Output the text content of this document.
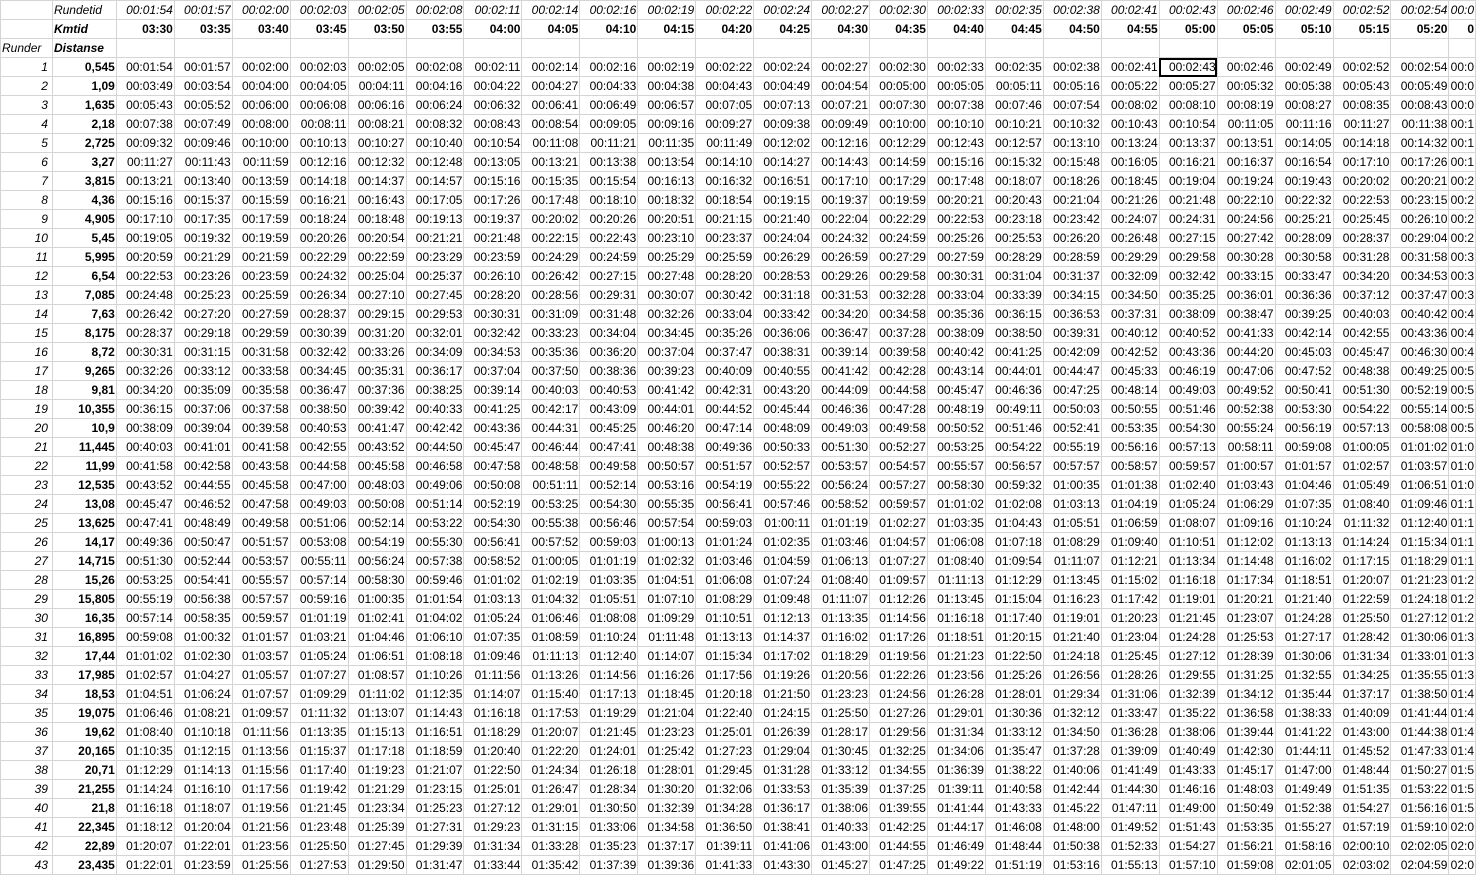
	Rundetid	00:01:54	00:01:57	00:02:00	00:02:03	00:02:05	00:02:08	00:02:11	00:02:14	00:02:16	00:02:19	00:02:22	00:02:24	00:02:27	00:02:30	00:02:33	00:02:35	00:02:38	00:02:41	00:02:43	00:02:46	00:02:49	00:02:52	00:02:54	00:0
	Kmtid	03:30	03:35	03:40	03:45	03:50	03:55	04:00	04:05	04:10	04:15	04:20	04:25	04:30	04:35	04:40	04:45	04:50	04:55	05:00	05:05	05:10	05:15	05:20	0
Runder	Distanse																								
1	0,545	00:01:54	00:01:57	00:02:00	00:02:03	00:02:05	00:02:08	00:02:11	00:02:14	00:02:16	00:02:19	00:02:22	00:02:24	00:02:27	00:02:30	00:02:33	00:02:35	00:02:38	00:02:41	00:02:43	00:02:46	00:02:49	00:02:52	00:02:54	00:0
2	1,09	00:03:49	00:03:54	00:04:00	00:04:05	00:04:11	00:04:16	00:04:22	00:04:27	00:04:33	00:04:38	00:04:43	00:04:49	00:04:54	00:05:00	00:05:05	00:05:11	00:05:16	00:05:22	00:05:27	00:05:32	00:05:38	00:05:43	00:05:49	00:0
3	1,635	00:05:43	00:05:52	00:06:00	00:06:08	00:06:16	00:06:24	00:06:32	00:06:41	00:06:49	00:06:57	00:07:05	00:07:13	00:07:21	00:07:30	00:07:38	00:07:46	00:07:54	00:08:02	00:08:10	00:08:19	00:08:27	00:08:35	00:08:43	00:0
4	2,18	00:07:38	00:07:49	00:08:00	00:08:11	00:08:21	00:08:32	00:08:43	00:08:54	00:09:05	00:09:16	00:09:27	00:09:38	00:09:49	00:10:00	00:10:10	00:10:21	00:10:32	00:10:43	00:10:54	00:11:05	00:11:16	00:11:27	00:11:38	00:1
5	2,725	00:09:32	00:09:46	00:10:00	00:10:13	00:10:27	00:10:40	00:10:54	00:11:08	00:11:21	00:11:35	00:11:49	00:12:02	00:12:16	00:12:29	00:12:43	00:12:57	00:13:10	00:13:24	00:13:37	00:13:51	00:14:05	00:14:18	00:14:32	00:1
6	3,27	00:11:27	00:11:43	00:11:59	00:12:16	00:12:32	00:12:48	00:13:05	00:13:21	00:13:38	00:13:54	00:14:10	00:14:27	00:14:43	00:14:59	00:15:16	00:15:32	00:15:48	00:16:05	00:16:21	00:16:37	00:16:54	00:17:10	00:17:26	00:1
7	3,815	00:13:21	00:13:40	00:13:59	00:14:18	00:14:37	00:14:57	00:15:16	00:15:35	00:15:54	00:16:13	00:16:32	00:16:51	00:17:10	00:17:29	00:17:48	00:18:07	00:18:26	00:18:45	00:19:04	00:19:24	00:19:43	00:20:02	00:20:21	00:2
8	4,36	00:15:16	00:15:37	00:15:59	00:16:21	00:16:43	00:17:05	00:17:26	00:17:48	00:18:10	00:18:32	00:18:54	00:19:15	00:19:37	00:19:59	00:20:21	00:20:43	00:21:04	00:21:26	00:21:48	00:22:10	00:22:32	00:22:53	00:23:15	00:2
9	4,905	00:17:10	00:17:35	00:17:59	00:18:24	00:18:48	00:19:13	00:19:37	00:20:02	00:20:26	00:20:51	00:21:15	00:21:40	00:22:04	00:22:29	00:22:53	00:23:18	00:23:42	00:24:07	00:24:31	00:24:56	00:25:21	00:25:45	00:26:10	00:2
10	5,45	00:19:05	00:19:32	00:19:59	00:20:26	00:20:54	00:21:21	00:21:48	00:22:15	00:22:43	00:23:10	00:23:37	00:24:04	00:24:32	00:24:59	00:25:26	00:25:53	00:26:20	00:26:48	00:27:15	00:27:42	00:28:09	00:28:37	00:29:04	00:2
11	5,995	00:20:59	00:21:29	00:21:59	00:22:29	00:22:59	00:23:29	00:23:59	00:24:29	00:24:59	00:25:29	00:25:59	00:26:29	00:26:59	00:27:29	00:27:59	00:28:29	00:28:59	00:29:29	00:29:58	00:30:28	00:30:58	00:31:28	00:31:58	00:3
12	6,54	00:22:53	00:23:26	00:23:59	00:24:32	00:25:04	00:25:37	00:26:10	00:26:42	00:27:15	00:27:48	00:28:20	00:28:53	00:29:26	00:29:58	00:30:31	00:31:04	00:31:37	00:32:09	00:32:42	00:33:15	00:33:47	00:34:20	00:34:53	00:3
13	7,085	00:24:48	00:25:23	00:25:59	00:26:34	00:27:10	00:27:45	00:28:20	00:28:56	00:29:31	00:30:07	00:30:42	00:31:18	00:31:53	00:32:28	00:33:04	00:33:39	00:34:15	00:34:50	00:35:25	00:36:01	00:36:36	00:37:12	00:37:47	00:3
14	7,63	00:26:42	00:27:20	00:27:59	00:28:37	00:29:15	00:29:53	00:30:31	00:31:09	00:31:48	00:32:26	00:33:04	00:33:42	00:34:20	00:34:58	00:35:36	00:36:15	00:36:53	00:37:31	00:38:09	00:38:47	00:39:25	00:40:03	00:40:42	00:4
15	8,175	00:28:37	00:29:18	00:29:59	00:30:39	00:31:20	00:32:01	00:32:42	00:33:23	00:34:04	00:34:45	00:35:26	00:36:06	00:36:47	00:37:28	00:38:09	00:38:50	00:39:31	00:40:12	00:40:52	00:41:33	00:42:14	00:42:55	00:43:36	00:4
16	8,72	00:30:31	00:31:15	00:31:58	00:32:42	00:33:26	00:34:09	00:34:53	00:35:36	00:36:20	00:37:04	00:37:47	00:38:31	00:39:14	00:39:58	00:40:42	00:41:25	00:42:09	00:42:52	00:43:36	00:44:20	00:45:03	00:45:47	00:46:30	00:4
17	9,265	00:32:26	00:33:12	00:33:58	00:34:45	00:35:31	00:36:17	00:37:04	00:37:50	00:38:36	00:39:23	00:40:09	00:40:55	00:41:42	00:42:28	00:43:14	00:44:01	00:44:47	00:45:33	00:46:19	00:47:06	00:47:52	00:48:38	00:49:25	00:5
18	9,81	00:34:20	00:35:09	00:35:58	00:36:47	00:37:36	00:38:25	00:39:14	00:40:03	00:40:53	00:41:42	00:42:31	00:43:20	00:44:09	00:44:58	00:45:47	00:46:36	00:47:25	00:48:14	00:49:03	00:49:52	00:50:41	00:51:30	00:52:19	00:5
19	10,355	00:36:15	00:37:06	00:37:58	00:38:50	00:39:42	00:40:33	00:41:25	00:42:17	00:43:09	00:44:01	00:44:52	00:45:44	00:46:36	00:47:28	00:48:19	00:49:11	00:50:03	00:50:55	00:51:46	00:52:38	00:53:30	00:54:22	00:55:14	00:5
20	10,9	00:38:09	00:39:04	00:39:58	00:40:53	00:41:47	00:42:42	00:43:36	00:44:31	00:45:25	00:46:20	00:47:14	00:48:09	00:49:03	00:49:58	00:50:52	00:51:46	00:52:41	00:53:35	00:54:30	00:55:24	00:56:19	00:57:13	00:58:08	00:5
21	11,445	00:40:03	00:41:01	00:41:58	00:42:55	00:43:52	00:44:50	00:45:47	00:46:44	00:47:41	00:48:38	00:49:36	00:50:33	00:51:30	00:52:27	00:53:25	00:54:22	00:55:19	00:56:16	00:57:13	00:58:11	00:59:08	01:00:05	01:01:02	01:0
22	11,99	00:41:58	00:42:58	00:43:58	00:44:58	00:45:58	00:46:58	00:47:58	00:48:58	00:49:58	00:50:57	00:51:57	00:52:57	00:53:57	00:54:57	00:55:57	00:56:57	00:57:57	00:58:57	00:59:57	01:00:57	01:01:57	01:02:57	01:03:57	01:0
23	12,535	00:43:52	00:44:55	00:45:58	00:47:00	00:48:03	00:49:06	00:50:08	00:51:11	00:52:14	00:53:16	00:54:19	00:55:22	00:56:24	00:57:27	00:58:30	00:59:32	01:00:35	01:01:38	01:02:40	01:03:43	01:04:46	01:05:49	01:06:51	01:0
24	13,08	00:45:47	00:46:52	00:47:58	00:49:03	00:50:08	00:51:14	00:52:19	00:53:25	00:54:30	00:55:35	00:56:41	00:57:46	00:58:52	00:59:57	01:01:02	01:02:08	01:03:13	01:04:19	01:05:24	01:06:29	01:07:35	01:08:40	01:09:46	01:1
25	13,625	00:47:41	00:48:49	00:49:58	00:51:06	00:52:14	00:53:22	00:54:30	00:55:38	00:56:46	00:57:54	00:59:03	01:00:11	01:01:19	01:02:27	01:03:35	01:04:43	01:05:51	01:06:59	01:08:07	01:09:16	01:10:24	01:11:32	01:12:40	01:1
26	14,17	00:49:36	00:50:47	00:51:57	00:53:08	00:54:19	00:55:30	00:56:41	00:57:52	00:59:03	01:00:13	01:01:24	01:02:35	01:03:46	01:04:57	01:06:08	01:07:18	01:08:29	01:09:40	01:10:51	01:12:02	01:13:13	01:14:24	01:15:34	01:1
27	14,715	00:51:30	00:52:44	00:53:57	00:55:11	00:56:24	00:57:38	00:58:52	01:00:05	01:01:19	01:02:32	01:03:46	01:04:59	01:06:13	01:07:27	01:08:40	01:09:54	01:11:07	01:12:21	01:13:34	01:14:48	01:16:02	01:17:15	01:18:29	01:1
28	15,26	00:53:25	00:54:41	00:55:57	00:57:14	00:58:30	00:59:46	01:01:02	01:02:19	01:03:35	01:04:51	01:06:08	01:07:24	01:08:40	01:09:57	01:11:13	01:12:29	01:13:45	01:15:02	01:16:18	01:17:34	01:18:51	01:20:07	01:21:23	01:2
29	15,805	00:55:19	00:56:38	00:57:57	00:59:16	01:00:35	01:01:54	01:03:13	01:04:32	01:05:51	01:07:10	01:08:29	01:09:48	01:11:07	01:12:26	01:13:45	01:15:04	01:16:23	01:17:42	01:19:01	01:20:21	01:21:40	01:22:59	01:24:18	01:2
30	16,35	00:57:14	00:58:35	00:59:57	01:01:19	01:02:41	01:04:02	01:05:24	01:06:46	01:08:08	01:09:29	01:10:51	01:12:13	01:13:35	01:14:56	01:16:18	01:17:40	01:19:01	01:20:23	01:21:45	01:23:07	01:24:28	01:25:50	01:27:12	01:2
31	16,895	00:59:08	01:00:32	01:01:57	01:03:21	01:04:46	01:06:10	01:07:35	01:08:59	01:10:24	01:11:48	01:13:13	01:14:37	01:16:02	01:17:26	01:18:51	01:20:15	01:21:40	01:23:04	01:24:28	01:25:53	01:27:17	01:28:42	01:30:06	01:3
32	17,44	01:01:02	01:02:30	01:03:57	01:05:24	01:06:51	01:08:18	01:09:46	01:11:13	01:12:40	01:14:07	01:15:34	01:17:02	01:18:29	01:19:56	01:21:23	01:22:50	01:24:18	01:25:45	01:27:12	01:28:39	01:30:06	01:31:34	01:33:01	01:3
33	17,985	01:02:57	01:04:27	01:05:57	01:07:27	01:08:57	01:10:26	01:11:56	01:13:26	01:14:56	01:16:26	01:17:56	01:19:26	01:20:56	01:22:26	01:23:56	01:25:26	01:26:56	01:28:26	01:29:55	01:31:25	01:32:55	01:34:25	01:35:55	01:3
34	18,53	01:04:51	01:06:24	01:07:57	01:09:29	01:11:02	01:12:35	01:14:07	01:15:40	01:17:13	01:18:45	01:20:18	01:21:50	01:23:23	01:24:56	01:26:28	01:28:01	01:29:34	01:31:06	01:32:39	01:34:12	01:35:44	01:37:17	01:38:50	01:4
35	19,075	01:06:46	01:08:21	01:09:57	01:11:32	01:13:07	01:14:43	01:16:18	01:17:53	01:19:29	01:21:04	01:22:40	01:24:15	01:25:50	01:27:26	01:29:01	01:30:36	01:32:12	01:33:47	01:35:22	01:36:58	01:38:33	01:40:09	01:41:44	01:4
36	19,62	01:08:40	01:10:18	01:11:56	01:13:35	01:15:13	01:16:51	01:18:29	01:20:07	01:21:45	01:23:23	01:25:01	01:26:39	01:28:17	01:29:56	01:31:34	01:33:12	01:34:50	01:36:28	01:38:06	01:39:44	01:41:22	01:43:00	01:44:38	01:4
37	20,165	01:10:35	01:12:15	01:13:56	01:15:37	01:17:18	01:18:59	01:20:40	01:22:20	01:24:01	01:25:42	01:27:23	01:29:04	01:30:45	01:32:25	01:34:06	01:35:47	01:37:28	01:39:09	01:40:49	01:42:30	01:44:11	01:45:52	01:47:33	01:4
38	20,71	01:12:29	01:14:13	01:15:56	01:17:40	01:19:23	01:21:07	01:22:50	01:24:34	01:26:18	01:28:01	01:29:45	01:31:28	01:33:12	01:34:55	01:36:39	01:38:22	01:40:06	01:41:49	01:43:33	01:45:17	01:47:00	01:48:44	01:50:27	01:5
39	21,255	01:14:24	01:16:10	01:17:56	01:19:42	01:21:29	01:23:15	01:25:01	01:26:47	01:28:34	01:30:20	01:32:06	01:33:53	01:35:39	01:37:25	01:39:11	01:40:58	01:42:44	01:44:30	01:46:16	01:48:03	01:49:49	01:51:35	01:53:22	01:5
40	21,8	01:16:18	01:18:07	01:19:56	01:21:45	01:23:34	01:25:23	01:27:12	01:29:01	01:30:50	01:32:39	01:34:28	01:36:17	01:38:06	01:39:55	01:41:44	01:43:33	01:45:22	01:47:11	01:49:00	01:50:49	01:52:38	01:54:27	01:56:16	01:5
41	22,345	01:18:12	01:20:04	01:21:56	01:23:48	01:25:39	01:27:31	01:29:23	01:31:15	01:33:06	01:34:58	01:36:50	01:38:41	01:40:33	01:42:25	01:44:17	01:46:08	01:48:00	01:49:52	01:51:43	01:53:35	01:55:27	01:57:19	01:59:10	02:0
42	22,89	01:20:07	01:22:01	01:23:56	01:25:50	01:27:45	01:29:39	01:31:34	01:33:28	01:35:23	01:37:17	01:39:11	01:41:06	01:43:00	01:44:55	01:46:49	01:48:44	01:50:38	01:52:33	01:54:27	01:56:21	01:58:16	02:00:10	02:02:05	02:0
43	23,435	01:22:01	01:23:59	01:25:56	01:27:53	01:29:50	01:31:47	01:33:44	01:35:42	01:37:39	01:39:36	01:41:33	01:43:30	01:45:27	01:47:25	01:49:22	01:51:19	01:53:16	01:55:13	01:57:10	01:59:08	02:01:05	02:03:02	02:04:59	02:0
